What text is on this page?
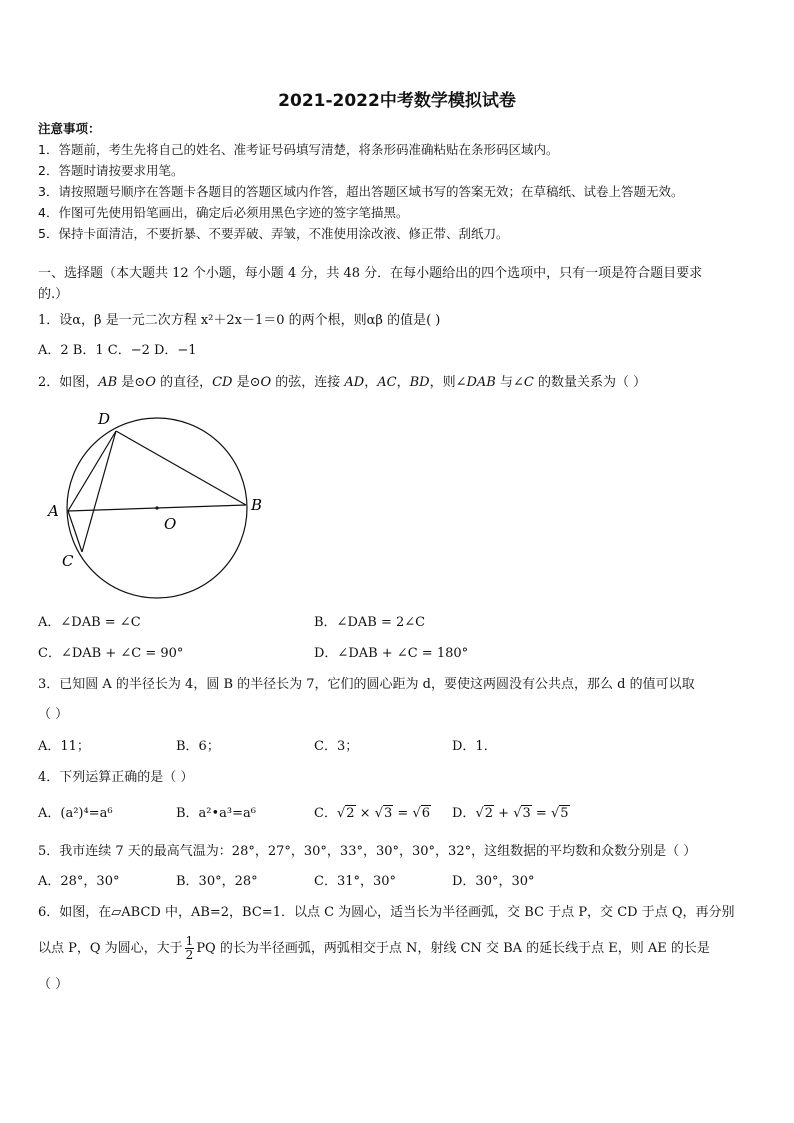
2021-2022中考数学模拟试卷
注意事项：
1．答题前，考生先将自己的姓名、准考证号码填写清楚，将条形码准确粘贴在条形码区域内。
2．答题时请按要求用笔。
3．请按照题号顺序在答题卡各题目的答题区域内作答，超出答题区域书写的答案无效；在草稿纸、试卷上答题无效。
4．作图可先使用铅笔画出，确定后必须用黑色字迹的签字笔描黑。
5．保持卡面清洁，不要折暴、不要弄破、弄皱，不准使用涂改液、修正带、刮纸刀。
一、选择题（本大题共 12 个小题，每小题 4 分，共 48 分．在每小题给出的四个选项中，只有一项是符合题目要求
的.）
1．设α，β 是一元二次方程 x²＋2x－1＝0 的两个根，则αβ 的值是( )
A．2 B．1 C．−2 D．−1
2．如图，AB 是⊙O 的直径，CD 是⊙O 的弦，连接 AD，AC，BD，则∠DAB 与∠C 的数量关系为（ ）
D
A	B
O
C
A．∠DAB = ∠C	B．∠DAB = 2∠C
C．∠DAB + ∠C = 90°	D．∠DAB + ∠C = 180°
3．已知圆 A 的半径长为 4，圆 B 的半径长为 7，它们的圆心距为 d，要使这两圆没有公共点，那么 d 的值可以取
（ ）
A．11；	B．6；	C．3；	D．1．
4．下列运算正确的是（ ）
A．(a²)⁴=a⁶	B．a²•a³=a⁶	C．√2 × √3 = √6 D．√2 + √3 = √5
5．我市连续 7 天的最高气温为：28°，27°，30°，33°，30°，30°，32°，这组数据的平均数和众数分别是（ ）
A．28°，30°	B．30°，28°	C．31°，30°	D．30°，30°
6．如图，在▱ABCD 中，AB=2，BC=1．以点 C 为圆心，适当长为半径画弧，交 BC 于点 P，交 CD 于点 Q，再分别
以点 P，Q 为圆心，大于 $\frac{1}{2}$ PQ 的长为半径画弧，两弧相交于点 N，射线 CN 交 BA 的延长线于点 E，则 AE 的长是
（ ）
